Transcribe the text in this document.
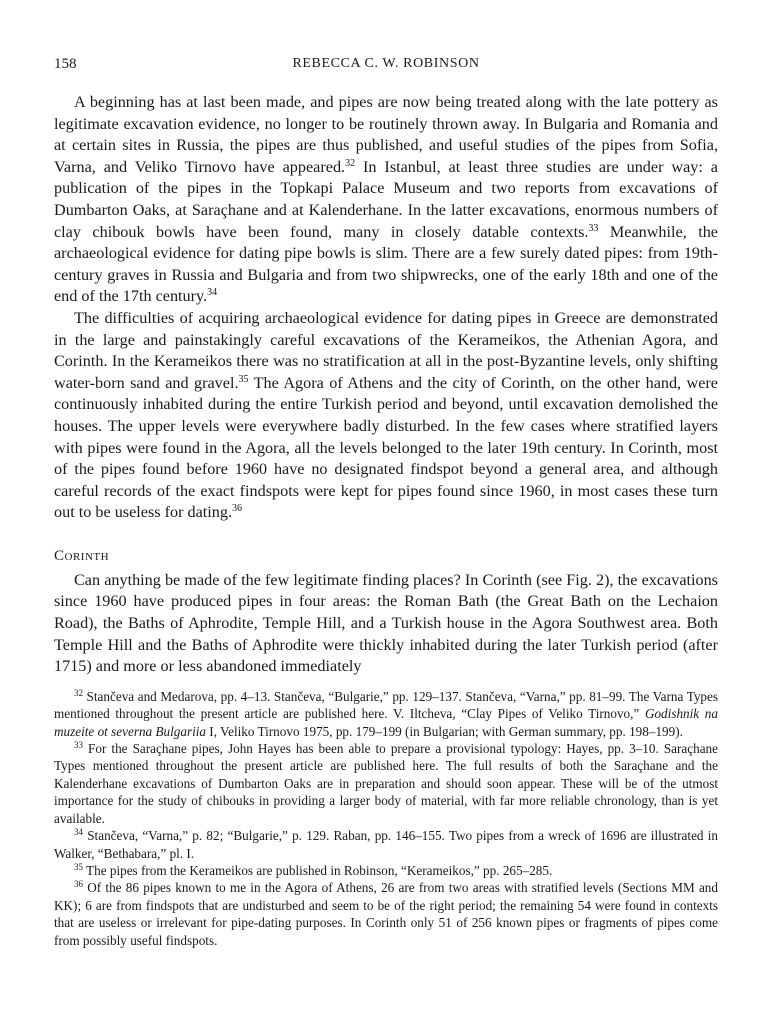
158	REBECCA C. W. ROBINSON

A beginning has at last been made, and pipes are now being treated along with the late pottery as legitimate excavation evidence, no longer to be routinely thrown away. In Bulgaria and Romania and at certain sites in Russia, the pipes are thus published, and useful studies of the pipes from Sofia, Varna, and Veliko Tirnovo have appeared.$^{32}$ In Istanbul, at least three studies are under way: a publication of the pipes in the Topkapi Palace Museum and two reports from excavations of Dumbarton Oaks, at Saraçhane and at Kalenderhane. In the latter excavations, enormous numbers of clay chibouk bowls have been found, many in closely datable contexts.$^{33}$ Meanwhile, the archaeological evidence for dating pipe bowls is slim. There are a few surely dated pipes: from 19th-century graves in Russia and Bulgaria and from two shipwrecks, one of the early 18th and one of the end of the 17th century.$^{34}$

The difficulties of acquiring archaeological evidence for dating pipes in Greece are demonstrated in the large and painstakingly careful excavations of the Kerameikos, the Athenian Agora, and Corinth. In the Kerameikos there was no stratification at all in the post-Byzantine levels, only shifting water-born sand and gravel.$^{35}$ The Agora of Athens and the city of Corinth, on the other hand, were continuously inhabited during the entire Turkish period and beyond, until excavation demolished the houses. The upper levels were everywhere badly disturbed. In the few cases where stratified layers with pipes were found in the Agora, all the levels belonged to the later 19th century. In Corinth, most of the pipes found before 1960 have no designated findspot beyond a general area, and although careful records of the exact findspots were kept for pipes found since 1960, in most cases these turn out to be useless for dating.$^{36}$

Corinth

Can anything be made of the few legitimate finding places? In Corinth (see Fig. 2), the excavations since 1960 have produced pipes in four areas: the Roman Bath (the Great Bath on the Lechaion Road), the Baths of Aphrodite, Temple Hill, and a Turkish house in the Agora Southwest area. Both Temple Hill and the Baths of Aphrodite were thickly inhabited during the later Turkish period (after 1715) and more or less abandoned immediately

$^{32}$ Stančeva and Medarova, pp. 4–13. Stančeva, “Bulgarie,” pp. 129–137. Stančeva, “Varna,” pp. 81–99. The Varna Types mentioned throughout the present article are published here. V. Iltcheva, “Clay Pipes of Veliko Tirnovo,” Godishnik na muzeite ot severna Bulgariia I, Veliko Tirnovo 1975, pp. 179–199 (in Bulgarian; with German summary, pp. 198–199).

$^{33}$ For the Saraçhane pipes, John Hayes has been able to prepare a provisional typology: Hayes, pp. 3–10. Saraçhane Types mentioned throughout the present article are published here. The full results of both the Saraçhane and the Kalenderhane excavations of Dumbarton Oaks are in preparation and should soon appear. These will be of the utmost importance for the study of chibouks in providing a larger body of material, with far more reliable chronology, than is yet available.

$^{34}$ Stančeva, “Varna,” p. 82; “Bulgarie,” p. 129. Raban, pp. 146–155. Two pipes from a wreck of 1696 are illustrated in Walker, “Bethabara,” pl. I.

$^{35}$ The pipes from the Kerameikos are published in Robinson, “Kerameikos,” pp. 265–285.

$^{36}$ Of the 86 pipes known to me in the Agora of Athens, 26 are from two areas with stratified levels (Sections MM and KK); 6 are from findspots that are undisturbed and seem to be of the right period; the remaining 54 were found in contexts that are useless or irrelevant for pipe-dating purposes. In Corinth only 51 of 256 known pipes or fragments of pipes come from possibly useful findspots.
